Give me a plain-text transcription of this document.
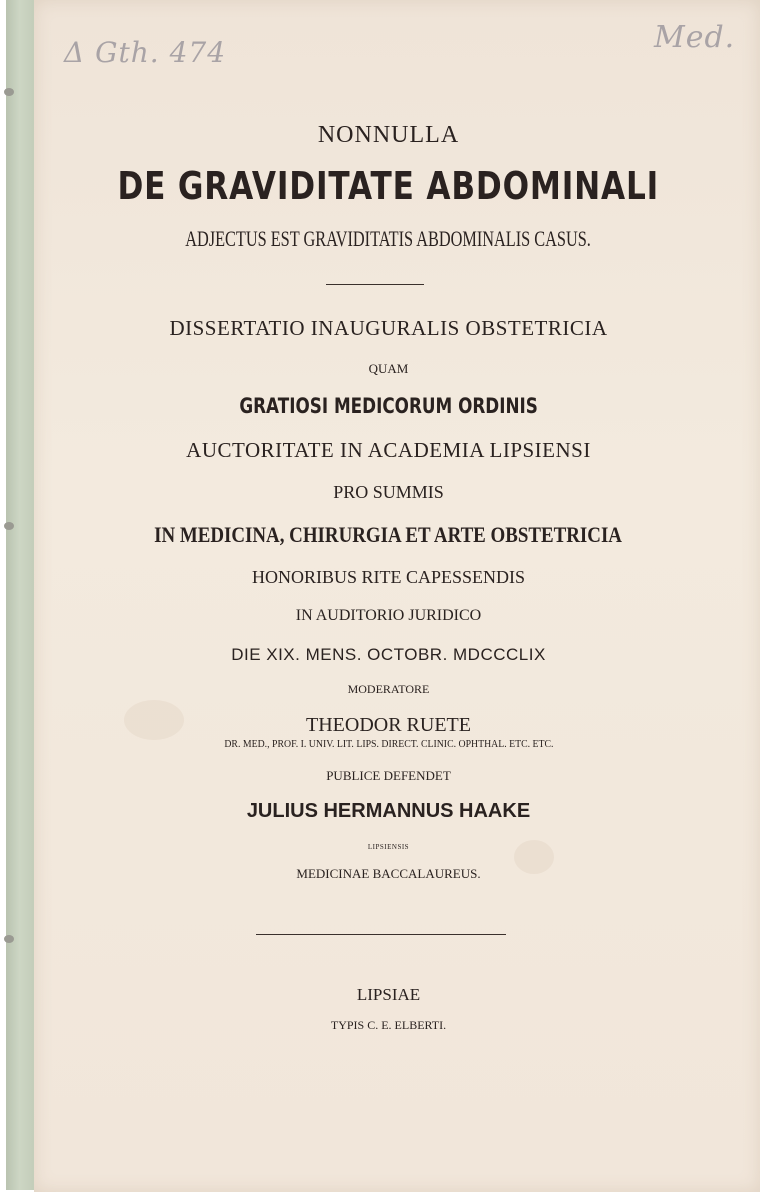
Δ Gth. 474	Med.
NONNULLA
DE GRAVIDITATE ABDOMINALI
ADJECTUS EST GRAVIDITATIS ABDOMINALIS CASUS.
DISSERTATIO INAUGURALIS OBSTETRICIA
QUAM
GRATIOSI MEDICORUM ORDINIS
AUCTORITATE IN ACADEMIA LIPSIENSI
PRO SUMMIS
IN MEDICINA, CHIRURGIA ET ARTE OBSTETRICIA
HONORIBUS RITE CAPESSENDIS
IN AUDITORIO JURIDICO
DIE XIX. MENS. OCTOBR. MDCCCLIX
MODERATORE
THEODOR RUETE
DR. MED., PROF. I. UNIV. LIT. LIPS. DIRECT. CLINIC. OPHTHAL. ETC. ETC.
PUBLICE DEFENDET
JULIUS HERMANNUS HAAKE
LIPSIENSIS
MEDICINAE BACCALAUREUS.
LIPSIAE
TYPIS C. E. ELBERTI.
